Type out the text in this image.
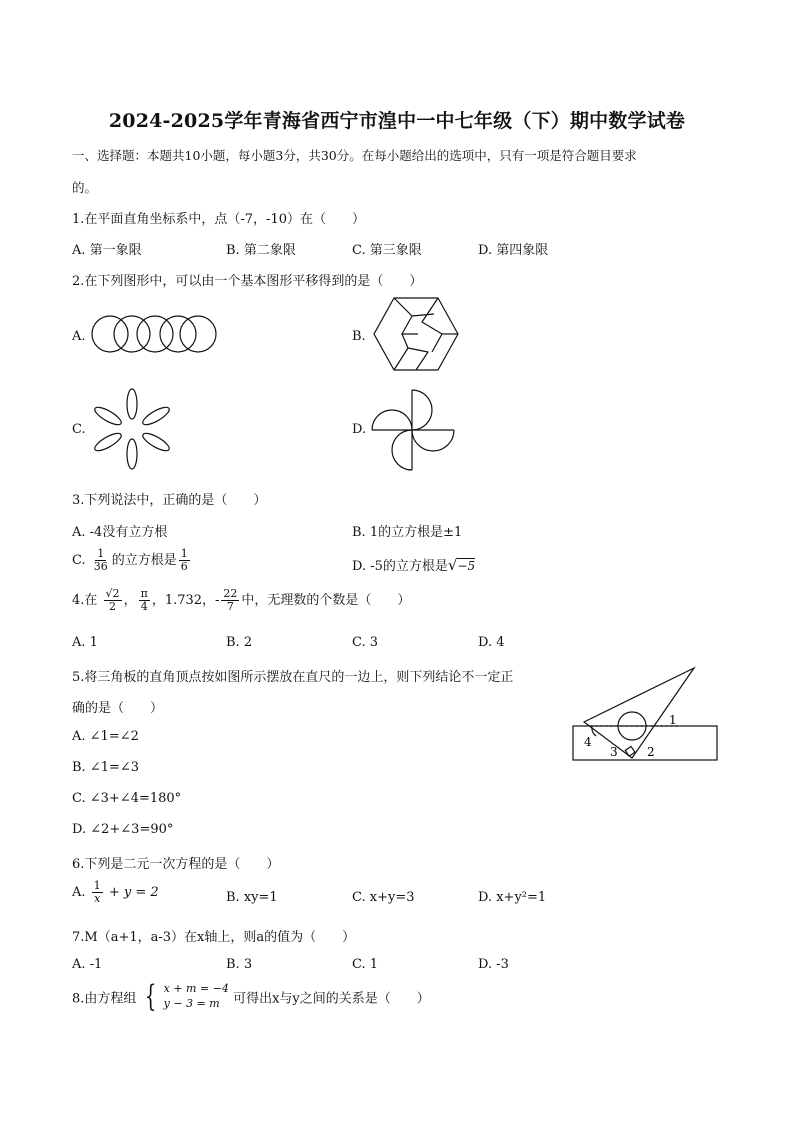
2024-2025学年青海省西宁市湟中一中七年级（下）期中数学试卷
一、选择题：本题共10小题，每小题3分，共30分。在每小题给出的选项中，只有一项是符合题目要求
的。
1.在平面直角坐标系中，点（-7，-10）在（　　）
A. 第一象限	B. 第二象限	C. 第三象限	D. 第四象限
2.在下列图形中，可以由一个基本图形平移得到的是（　　）
A.	B.
C.	D.
3.下列说法中，正确的是（　　）
A. -4没有立方根	B. 1的立方根是±1
C. $\frac{1}{36}$ 的立方根是 $\frac{1}{6}$	D. -5的立方根是√−5
4.在 $\frac{√2}{2}$ ， $\frac{\pi}{4}$ ，1.732，- $\frac{22}{7}$ 中，无理数的个数是（　　）
A. 1	B. 2	C. 3	D. 4
5.将三角板的直角顶点按如图所示摆放在直尺的一边上，则下列结论不一定正
确的是（　　）
A. ∠1=∠2
B. ∠1=∠3
C. ∠3+∠4=180°
D. ∠2+∠3=90°
1
2
3
4
6.下列是二元一次方程的是（　　）
A. $\frac{1}{x} + y = 2$	B. xy=1	C. x+y=3	D. x+y²=1
7.M（a+1，a-3）在x轴上，则a的值为（　　）
A. -1	B. 3	C. 1	D. -3
8.由方程组 { x + m = −4
y − 3 = m	可得出x与y之间的关系是（　　）
